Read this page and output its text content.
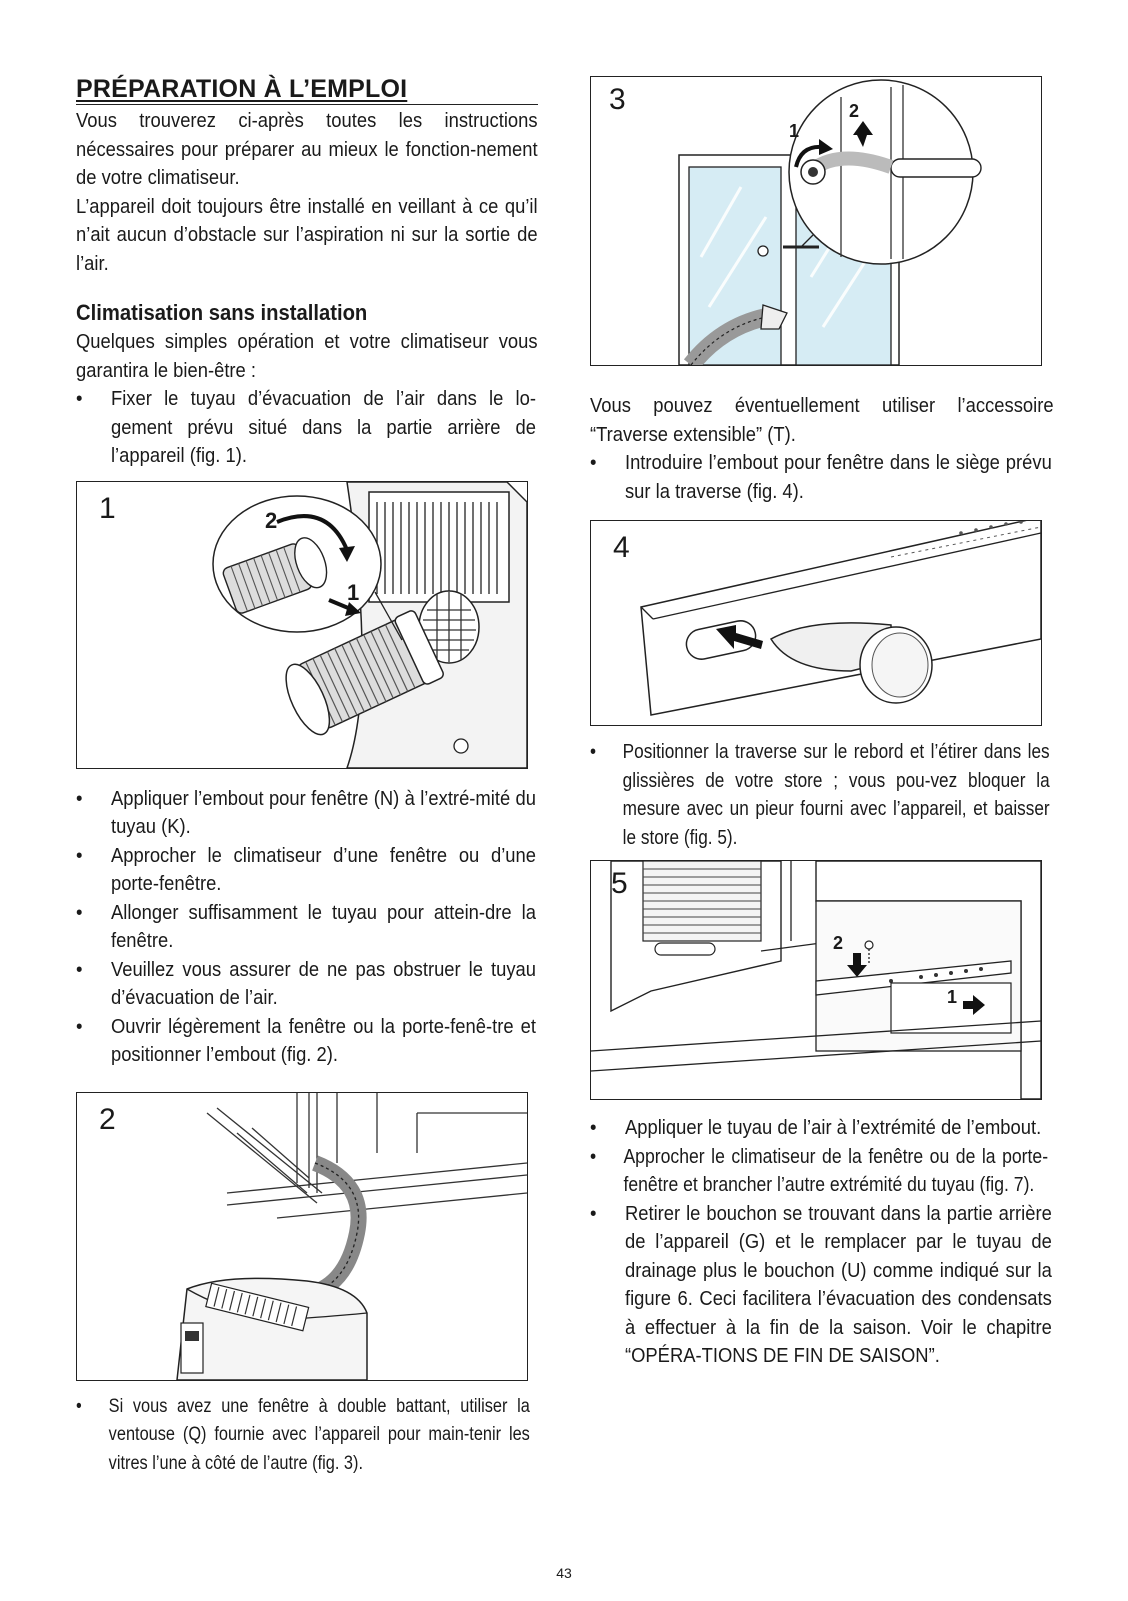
PRÉPARATION À L’EMPLOI

Vous trouverez ci-après toutes les instructions nécessaires pour préparer au mieux le fonction-nement de votre climatiseur.

L’appareil doit toujours être installé en veillant à ce qu’il n’ait aucun d’obstacle sur l’aspiration ni sur la sortie de l’air.

Climatisation sans installation

Quelques simples opération et votre climatiseur vous garantira le bien-être :

• Fixer le tuyau d’évacuation de l’air dans le lo-gement prévu situé dans la partie arrière de l’appareil (fig. 1).
1	2
1
• Appliquer l’embout pour fenêtre (N) à l’extré-mité du tuyau (K).
• Approcher le climatiseur d’une fenêtre ou d’une porte-fenêtre.
• Allonger suffisamment le tuyau pour attein-dre la fenêtre.
• Veuillez vous assurer de ne pas obstruer le tuyau d’évacuation de l’air.
• Ouvrir légèrement la fenêtre ou la porte-fenê-tre et positionner l’embout (fig. 2).
2
• Si vous avez une fenêtre à double battant, utiliser la ventouse (Q) fournie avec l’appareil pour main-tenir les vitres l’une à côté de l’autre (fig. 3).
3
1
2

Vous pouvez éventuellement utiliser l’accessoire “Traverse extensible” (T).

• Introduire l’embout pour fenêtre dans le siège prévu sur la traverse (fig. 4).
4
• Positionner la traverse sur le rebord et l’étirer dans les glissières de votre store ; vous pou-vez bloquer la mesure avec un pieur fourni avec l’appareil, et baisser le store (fig. 5).
5
2
1
• Appliquer le tuyau de l’air à l’extrémité de l’embout.
• Approcher le climatiseur de la fenêtre ou de la porte-fenêtre et brancher l’autre extrémité du tuyau (fig. 7).
• Retirer le bouchon se trouvant dans la partie arrière de l’appareil (G) et le remplacer par le tuyau de drainage plus le bouchon (U) comme indiqué sur la figure 6. Ceci facilitera l’évacuation des condensats à effectuer à la fin de la saison. Voir le chapitre “OPÉRA-TIONS DE FIN DE SAISON”.
43
